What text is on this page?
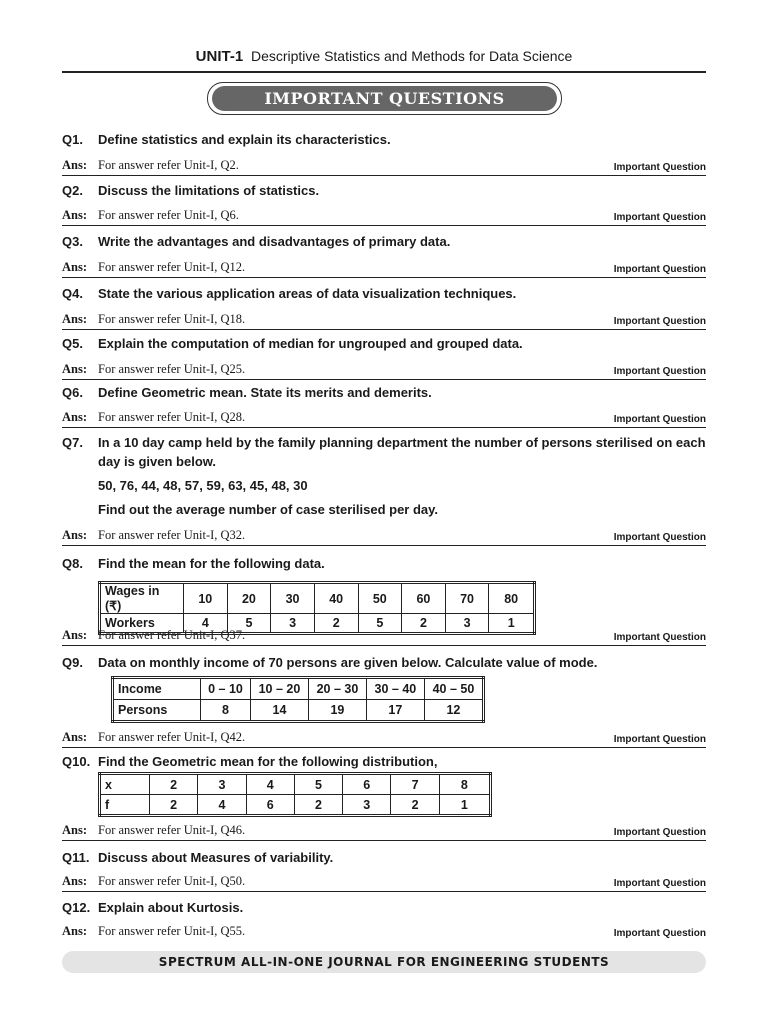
UNIT-1 Descriptive Statistics and Methods for Data Science
IMPORTANT QUESTIONS
Q1.	Define statistics and explain its characteristics.
Ans: For answer refer Unit-I, Q2.	Important Question
Q2.	Discuss the limitations of statistics.
Ans: For answer refer Unit-I, Q6.	Important Question
Q3.	Write the advantages and disadvantages of primary data.
Ans: For answer refer Unit-I, Q12.	Important Question
Q4.	State the various application areas of data visualization techniques.
Ans: For answer refer Unit-I, Q18.	Important Question
Q5.	Explain the computation of median for ungrouped and grouped data.
Ans: For answer refer Unit-I, Q25.	Important Question
Q6.	Define Geometric mean. State its merits and demerits.
Ans: For answer refer Unit-I, Q28.	Important Question
Q7.	In a 10 day camp held by the family planning department the number of persons sterilised on each day is given below.
50, 76, 44, 48, 57, 59, 63, 45, 48, 30
Find out the average number of case sterilised per day.
Ans: For answer refer Unit-I, Q32.	Important Question
Q8.	Find the mean for the following data.
Ans: For answer refer Unit-I, Q37.	Important Question
Wages in (₹)	10	20	30	40	50	60	70	80
Workers	4	5	3	2	5	2	3	1
Q9.	Data on monthly income of 70 persons are given below. Calculate value of mode.
Ans: For answer refer Unit-I, Q42.	Important Question
Income	0 – 10	10 – 20	20 – 30	30 – 40	40 – 50
Persons	8	14	19	17	12
Q10. Find the Geometric mean for the following distribution,
Ans: For answer refer Unit-I, Q46.	Important Question
x	2	3	4	5	6	7	8
f	2	4	6	2	3	2	1
Q11. Discuss about Measures of variability.
Ans: For answer refer Unit-I, Q50.	Important Question
Q12. Explain about Kurtosis.
Ans: For answer refer Unit-I, Q55.	Important Question
SPECTRUM ALL-IN-ONE JOURNAL FOR ENGINEERING STUDENTS
